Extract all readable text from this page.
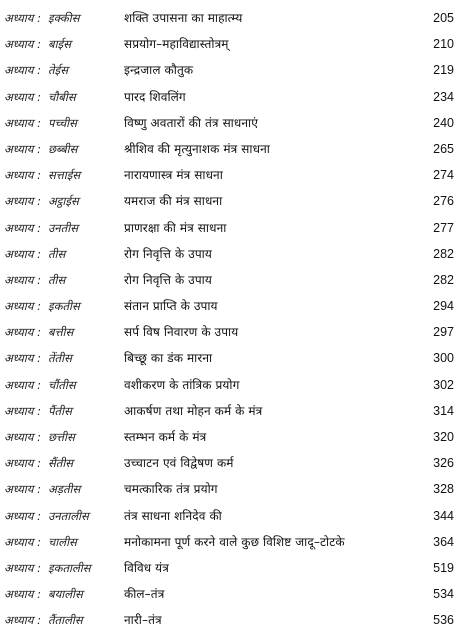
अध्याय : इक्कीस	शक्ति उपासना का माहात्म्य	205
अध्याय : बाईस	सप्रयोग–महाविद्यास्तोत्रम्	210
अध्याय : तेईस	इन्द्रजाल कौतुक	219
अध्याय : चौबीस	पारद शिवलिंग	234
अध्याय : पच्चीस	विष्णु अवतारों की तंत्र साधनाएं	240
अध्याय : छब्बीस	श्रीशिव की मृत्युनाशक मंत्र साधना	265
अध्याय : सत्ताईस	नारायणास्त्र मंत्र साधना	274
अध्याय : अट्ठाईस	यमराज की मंत्र साधना	276
अध्याय : उनतीस	प्राणरक्षा की मंत्र साधना	277
अध्याय : तीस	रोग निवृत्ति के उपाय	282
अध्याय : तीस	रोग निवृत्ति के उपाय	282
अध्याय : इकतीस	संतान प्राप्ति के उपाय	294
अध्याय : बत्तीस	सर्प विष निवारण के उपाय	297
अध्याय : तेंतीस	बिच्छू का डंक मारना	300
अध्याय : चौंतीस	वशीकरण के तांत्रिक प्रयोग	302
अध्याय : पैंतीस	आकर्षण तथा मोहन कर्म के मंत्र	314
अध्याय : छत्तीस	स्तम्भन कर्म के मंत्र	320
अध्याय : सैंतीस	उच्चाटन एवं विद्वेषण कर्म	326
अध्याय : अड़तीस	चमत्कारिक तंत्र प्रयोग	328
अध्याय : उनतालीस	तंत्र साधना शनिदेव की	344
अध्याय : चालीस	मनोकामना पूर्ण करने वाले कुछ विशिष्ट जादू–टोटके	364
अध्याय : इकतालीस	विविध यंत्र	519
अध्याय : बयालीस	कील–तंत्र	534
अध्याय : तैंतालीस	नारी–तंत्र	536
